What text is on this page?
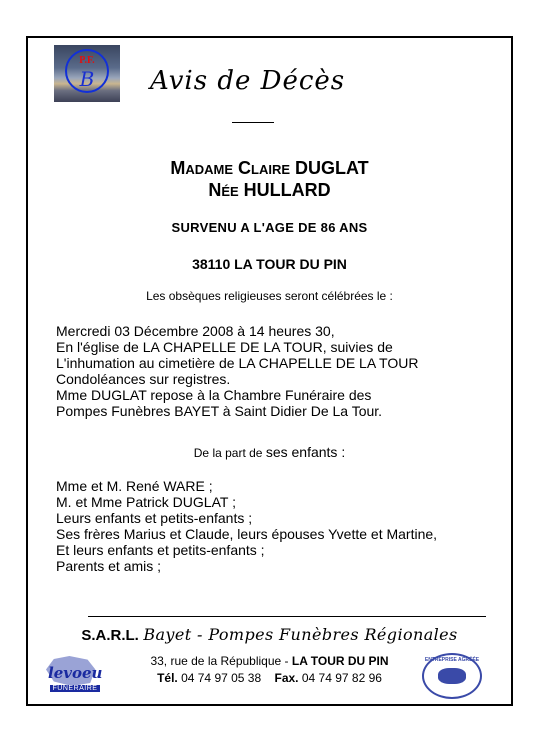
P.F.
B	Avis de Décès
Madame Claire DUGLAT
Née HULLARD
SURVENU A L'AGE DE 86 ANS
38110 LA TOUR DU PIN
Les obsèques religieuses seront célébrées le :
Mercredi 03 Décembre 2008 à 14 heures 30,
En l'église de LA CHAPELLE DE LA TOUR, suivies de
L'inhumation au cimetière de LA CHAPELLE DE LA TOUR
Condoléances sur registres.
Mme DUGLAT repose à la Chambre Funéraire des
Pompes Funèbres BAYET à Saint Didier De La Tour.
De la part de ses enfants :
Mme et M. René WARE ;
M. et Mme Patrick DUGLAT ;
Leurs enfants et petits-enfants ;
Ses frères Marius et Claude, leurs épouses Yvette et Martine,
Et leurs enfants et petits-enfants ;
Parents et amis ;
S.A.R.L. Bayet - Pompes Funèbres Régionales
33, rue de la République - LA TOUR DU PIN
Tél. 04 74 97 05 38 Fax. 04 74 97 82 96
levoeu
FUNERAIRE
ENTREPRISE AGRÉÉE
